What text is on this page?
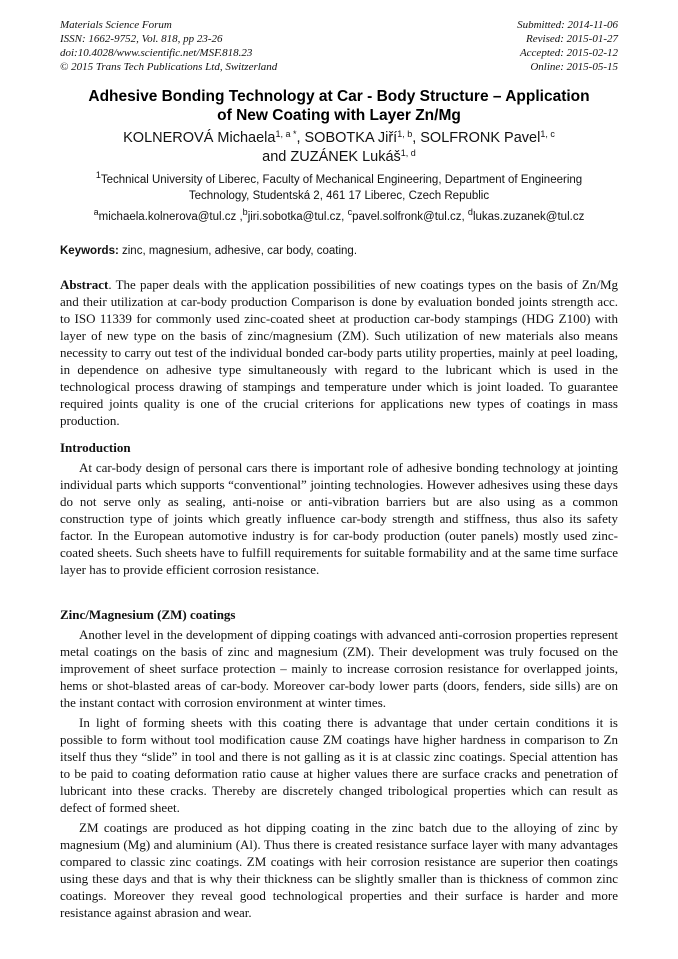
Materials Science Forum
ISSN: 1662-9752, Vol. 818, pp 23-26
doi:10.4028/www.scientific.net/MSF.818.23
© 2015 Trans Tech Publications Ltd, Switzerland
Submitted: 2014-11-06
Revised: 2015-01-27
Accepted: 2015-02-12
Online: 2015-05-15
Adhesive Bonding Technology at Car - Body Structure – Application
of New Coating with Layer Zn/Mg
KOLNEROVÁ Michaela$^{1, a *}$, SOBOTKA Jiří$^{1, b}$, SOLFRONK Pavel$^{1, c}$
and ZUZÁNEK Lukáš$^{1, d}$
$^1$Technical University of Liberec, Faculty of Mechanical Engineering, Department of Engineering
Technology, Studentská 2, 461 17 Liberec, Czech Republic
$^a$michaela.kolnerova@tul.cz ,$^b$jiri.sobotka@tul.cz, $^c$pavel.solfronk@tul.cz, $^d$lukas.zuzanek@tul.cz
Keywords: zinc, magnesium, adhesive, car body, coating.
Abstract. The paper deals with the application possibilities of new coatings types on the basis of Zn/Mg and their utilization at car-body production Comparison is done by evaluation bonded joints strength acc. to ISO 11339 for commonly used zinc-coated sheet at production car-body stampings (HDG Z100) with layer of new type on the basis of zinc/magnesium (ZM). Such utilization of new materials also means necessity to carry out test of the individual bonded car-body parts utility properties, mainly at peel loading, in dependence on adhesive type simultaneously with regard to the lubricant which is used in the technological process drawing of stampings and temperature under which is joint loaded. To guarantee required joints quality is one of the crucial criterions for applications new types of coatings in mass production.
Introduction

At car-body design of personal cars there is important role of adhesive bonding technology at jointing individual parts which supports “conventional” jointing technologies. However adhesives using these days do not serve only as sealing, anti-noise or anti-vibration barriers but are also using as a common construction type of joints which greatly influence car-body strength and stiffness, thus also its safety factor. In the European automotive industry is for car-body production (outer panels) mostly used zinc-coated sheets. Such sheets have to fulfill requirements for suitable formability and at the same time surface layer has to provide efficient corrosion resistance.

Zinc/Magnesium (ZM) coatings

Another level in the development of dipping coatings with advanced anti-corrosion properties represent metal coatings on the basis of zinc and magnesium (ZM). Their development was truly focused on the improvement of sheet surface protection – mainly to increase corrosion resistance for overlapped joints, hems or shot-blasted areas of car-body. Moreover car-body lower parts (doors, fenders, side sills) are on the instant contact with corrosion environment at winter times.

In light of forming sheets with this coating there is advantage that under certain conditions it is possible to form without tool modification cause ZM coatings have higher hardness in comparison to Zn itself thus they “slide” in tool and there is not galling as it is at classic zinc coatings. Special attention has to be paid to coating deformation ratio cause at higher values there are surface cracks and penetration of lubricant into these cracks. Thereby are discretely changed tribological properties which can result as defect of formed sheet.

ZM coatings are produced as hot dipping coating in the zinc batch due to the alloying of zinc by magnesium (Mg) and aluminium (Al). Thus there is created resistance surface layer with many advantages compared to classic zinc coatings. ZM coatings with heir corrosion resistance are superior then coatings using these days and that is why their thickness can be slightly smaller than is thickness of common zinc coatings. Moreover they reveal good technological properties and their surface is harder and more resistance against abrasion and wear.
